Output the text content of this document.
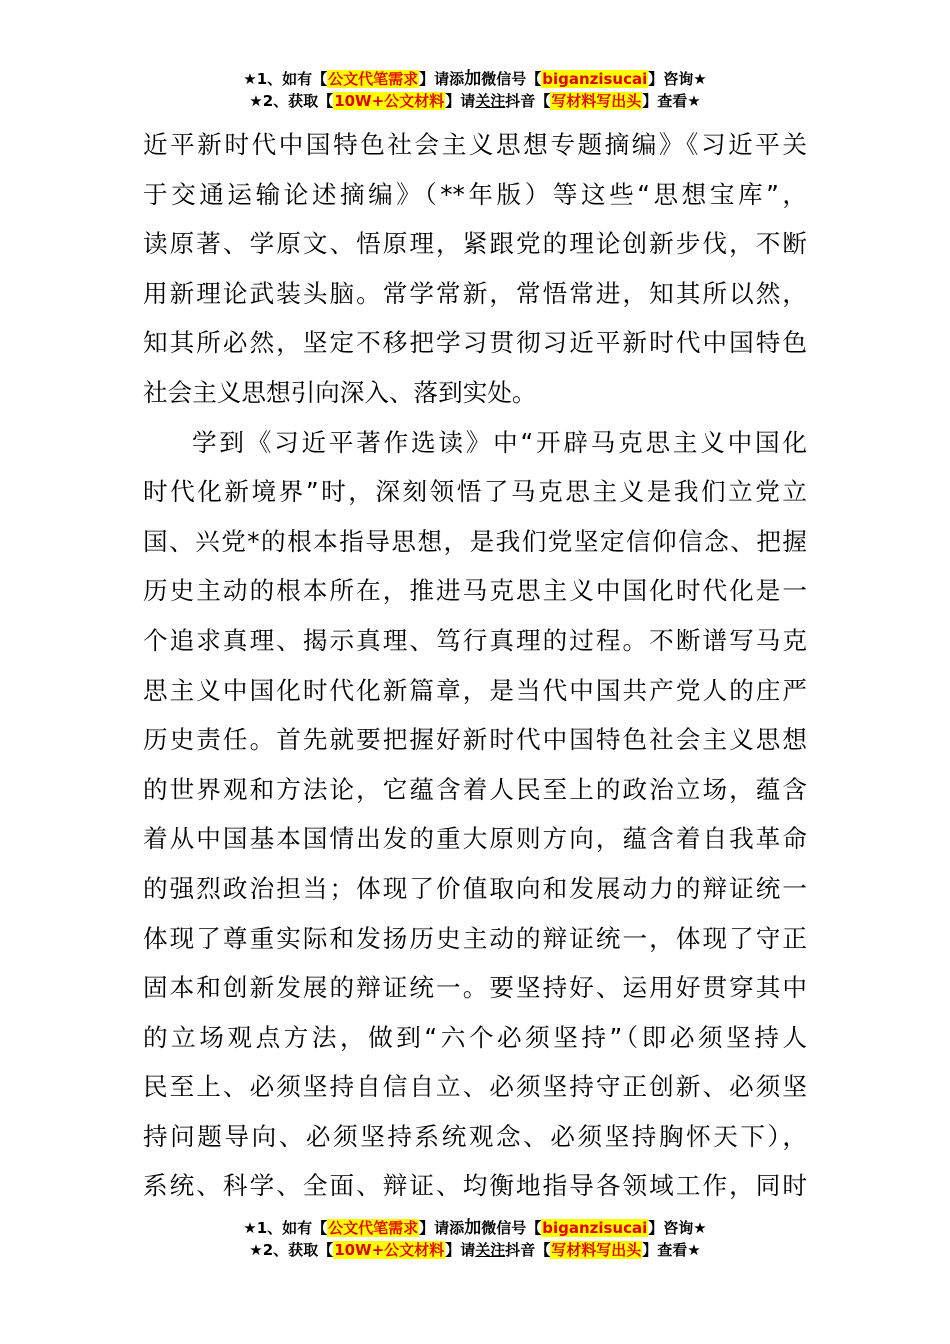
★1、如有【公文代笔需求】请添加微信号【biganzisucai】咨询★
★2、获取【10W+公文材料】请关注抖音【写材料写出头】查看★
近平新时代中国特色社会主义思想专题摘编》《习近平关
于交通运输论述摘编》（**年版）等这些“思想宝库”，
读原著、学原文、悟原理，紧跟党的理论创新步伐，不断
用新理论武装头脑。常学常新，常悟常进，知其所以然，
知其所必然，坚定不移把学习贯彻习近平新时代中国特色
社会主义思想引向深入、落到实处。
学到《习近平著作选读》中“开辟马克思主义中国化
时代化新境界”时，深刻领悟了马克思主义是我们立党立
国、兴党*的根本指导思想，是我们党坚定信仰信念、把握
历史主动的根本所在，推进马克思主义中国化时代化是一
个追求真理、揭示真理、笃行真理的过程。不断谱写马克
思主义中国化时代化新篇章，是当代中国共产党人的庄严
历史责任。首先就要把握好新时代中国特色社会主义思想
的世界观和方法论，它蕴含着人民至上的政治立场，蕴含
着从中国基本国情出发的重大原则方向，蕴含着自我革命
的强烈政治担当；体现了价值取向和发展动力的辩证统一
体现了尊重实际和发扬历史主动的辩证统一，体现了守正
固本和创新发展的辩证统一。要坚持好、运用好贯穿其中
的立场观点方法，做到“六个必须坚持”（即必须坚持人
民至上、必须坚持自信自立、必须坚持守正创新、必须坚
持问题导向、必须坚持系统观念、必须坚持胸怀天下），
系统、科学、全面、辩证、均衡地指导各领域工作，同时
★1、如有【公文代笔需求】请添加微信号【biganzisucai】咨询★
★2、获取【10W+公文材料】请关注抖音【写材料写出头】查看★
